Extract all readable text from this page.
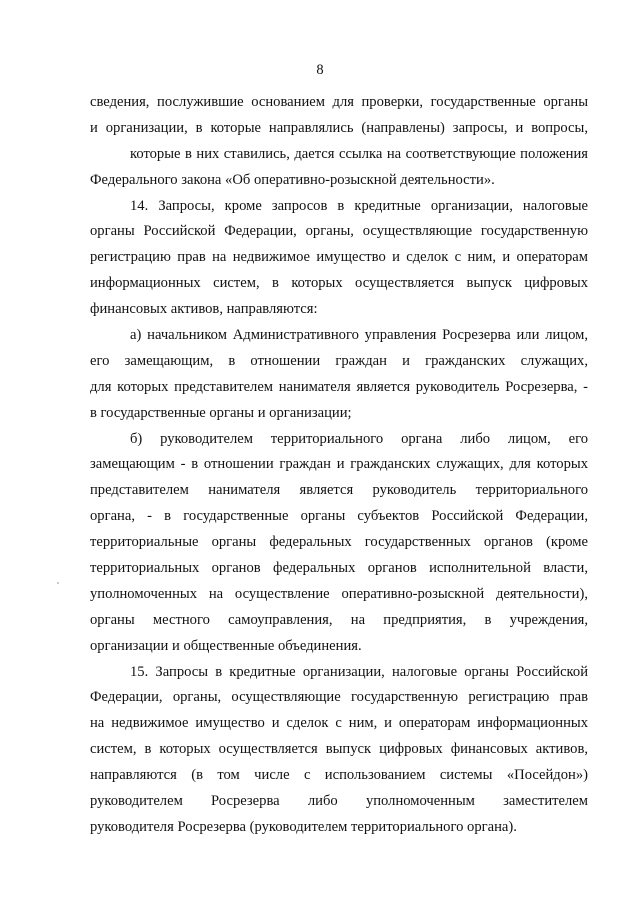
8
сведения, послужившие основанием для проверки, государственные органы
и организации, в которые направлялись (направлены) запросы, и вопросы,
которые в них ставились, дается ссылка на соответствующие положения
Федерального закона «Об оперативно-розыскной деятельности».
14. Запросы, кроме запросов в кредитные организации, налоговые
органы Российской Федерации, органы, осуществляющие государственную
регистрацию прав на недвижимое имущество и сделок с ним, и операторам
информационных систем, в которых осуществляется выпуск цифровых
финансовых активов, направляются:
а) начальником Административного управления Росрезерва или лицом,
его замещающим, в отношении граждан и гражданских служащих,
для которых представителем нанимателя является руководитель Росрезерва, -
в государственные органы и организации;
б) руководителем территориального органа либо лицом, его
замещающим - в отношении граждан и гражданских служащих, для которых
представителем нанимателя является руководитель территориального
органа, - в государственные органы субъектов Российской Федерации,
территориальные органы федеральных государственных органов (кроме
территориальных органов федеральных органов исполнительной власти,
уполномоченных на осуществление оперативно-розыскной деятельности),
органы местного самоуправления, на предприятия, в учреждения,
организации и общественные объединения.
15. Запросы в кредитные организации, налоговые органы Российской
Федерации, органы, осуществляющие государственную регистрацию прав
на недвижимое имущество и сделок с ним, и операторам информационных
систем, в которых осуществляется выпуск цифровых финансовых активов,
направляются (в том числе с использованием системы «Посейдон»)
руководителем Росрезерва либо уполномоченным заместителем
руководителя Росрезерва (руководителем территориального органа).
